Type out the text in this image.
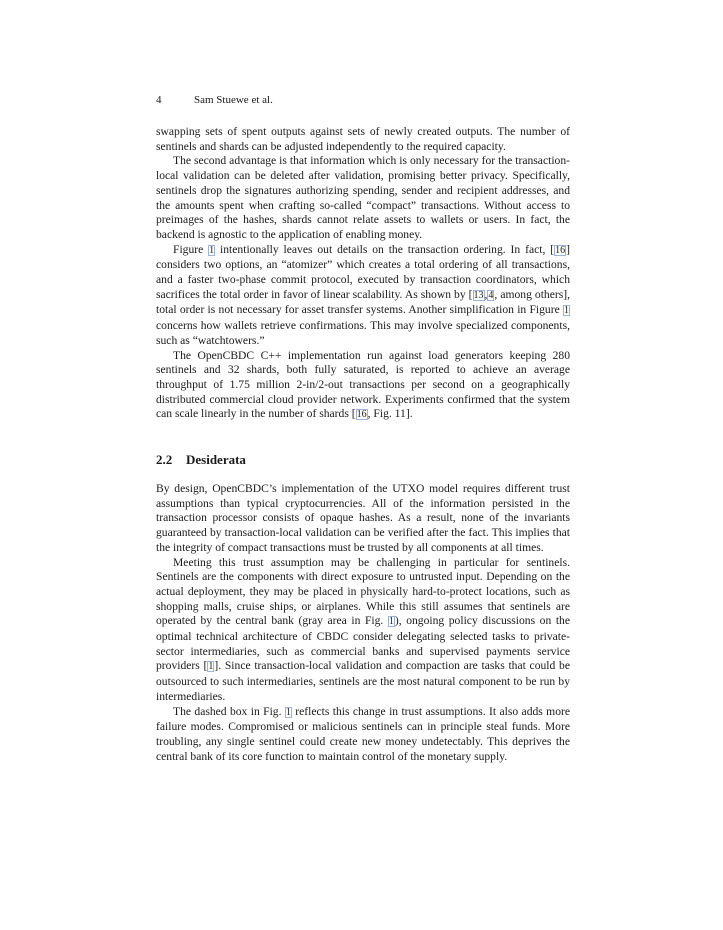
4	Sam Stuewe et al.

swapping sets of spent outputs against sets of newly created outputs. The number of sentinels and shards can be adjusted independently to the required capacity.

The second advantage is that information which is only necessary for the transaction-local validation can be deleted after validation, promising better privacy. Specifically, sentinels drop the signatures authorizing spending, sender and recipient addresses, and the amounts spent when crafting so-called “compact” transactions. Without access to preimages of the hashes, shards cannot relate assets to wallets or users. In fact, the backend is agnostic to the application of enabling money.

Figure 1 intentionally leaves out details on the transaction ordering. In fact, [16] considers two options, an “atomizer” which creates a total ordering of all transactions, and a faster two-phase commit protocol, executed by transaction coordinators, which sacrifices the total order in favor of linear scalability. As shown by [13,4, among others], total order is not necessary for asset transfer systems. Another simplification in Figure 1 concerns how wallets retrieve confirmations. This may involve specialized components, such as “watchtowers.”

The OpenCBDC C++ implementation run against load generators keeping 280 sentinels and 32 shards, both fully saturated, is reported to achieve an average throughput of 1.75 million 2-in/2-out transactions per second on a geographically distributed commercial cloud provider network. Experiments confirmed that the system can scale linearly in the number of shards [16, Fig. 11].

2.2 Desiderata

By design, OpenCBDC’s implementation of the UTXO model requires different trust assumptions than typical cryptocurrencies. All of the information persisted in the transaction processor consists of opaque hashes. As a result, none of the invariants guaranteed by transaction-local validation can be verified after the fact. This implies that the integrity of compact transactions must be trusted by all components at all times.

Meeting this trust assumption may be challenging in particular for sentinels. Sentinels are the components with direct exposure to untrusted input. Depending on the actual deployment, they may be placed in physically hard-to-protect locations, such as shopping malls, cruise ships, or airplanes. While this still assumes that sentinels are operated by the central bank (gray area in Fig. 1), ongoing policy discussions on the optimal technical architecture of CBDC consider delegating selected tasks to private-sector intermediaries, such as commercial banks and supervised payments service providers [1]. Since transaction-local validation and compaction are tasks that could be outsourced to such intermediaries, sentinels are the most natural component to be run by intermediaries.

The dashed box in Fig. 1 reflects this change in trust assumptions. It also adds more failure modes. Compromised or malicious sentinels can in principle steal funds. More troubling, any single sentinel could create new money undetectably. This deprives the central bank of its core function to maintain control of the monetary supply.
